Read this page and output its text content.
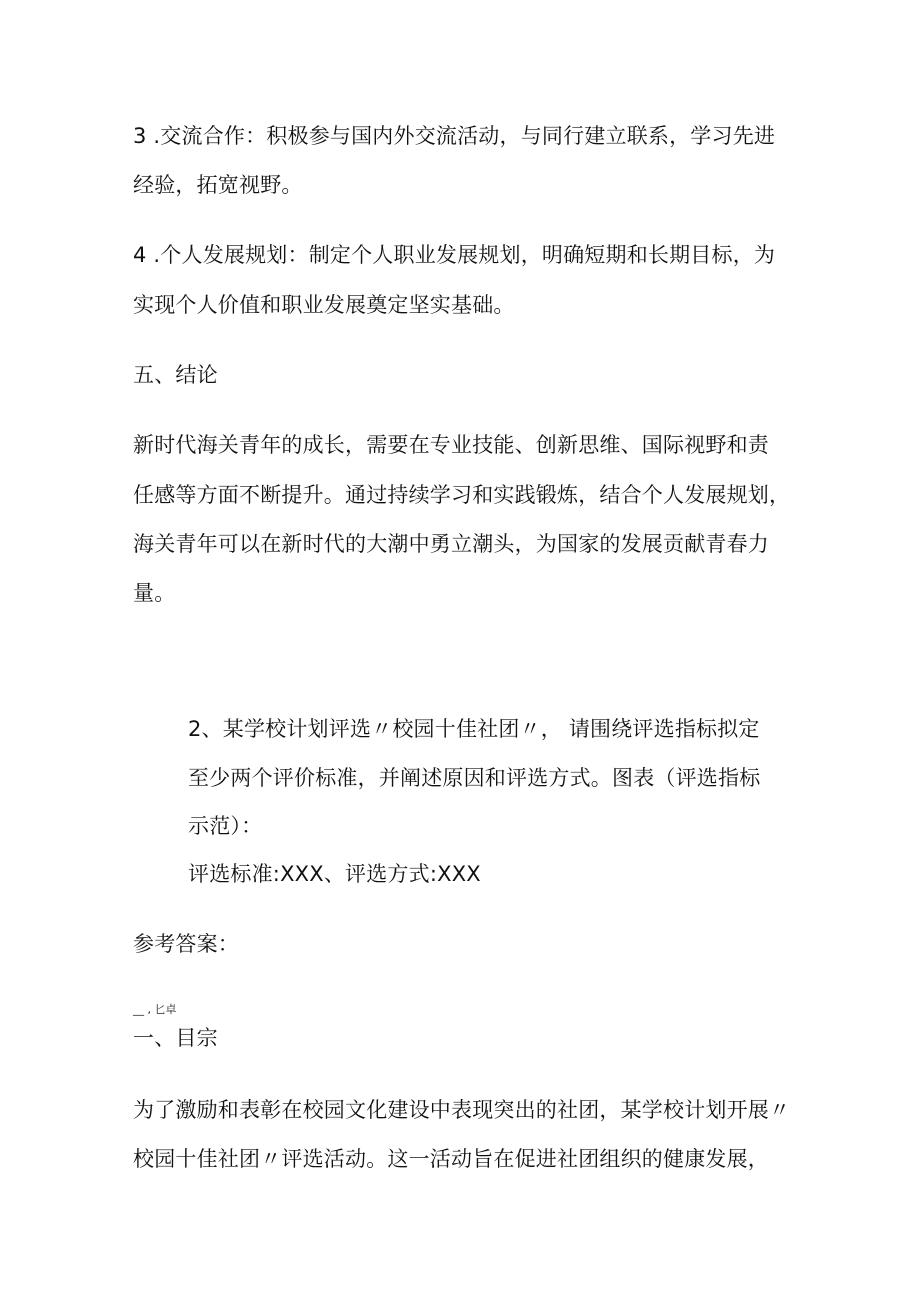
3 .交流合作：积极参与国内外交流活动，与同行建立联系，学习先进
经验，拓宽视野。
4 .个人发展规划：制定个人职业发展规划，明确短期和长期目标，为
实现个人价值和职业发展奠定坚实基础。
五、结论
新时代海关青年的成长，需要在专业技能、创新思维、国际视野和责
任感等方面不断提升。通过持续学习和实践锻炼，结合个人发展规划，
海关青年可以在新时代的大潮中勇立潮头，为国家的发展贡献青春力
量。
2、某学校计划评选〃校园十佳社团〃， 请围绕评选指标拟定
至少两个评价标准，并阐述原因和评选方式。图表（评选指标
示范）：
评选标准:XXX、评选方式:XXX
参考答案：
__ , 匕卓
一、目宗
为了激励和表彰在校园文化建设中表现突出的社团，某学校计划开展〃
校园十佳社团〃评选活动。这一活动旨在促进社团组织的健康发展，
